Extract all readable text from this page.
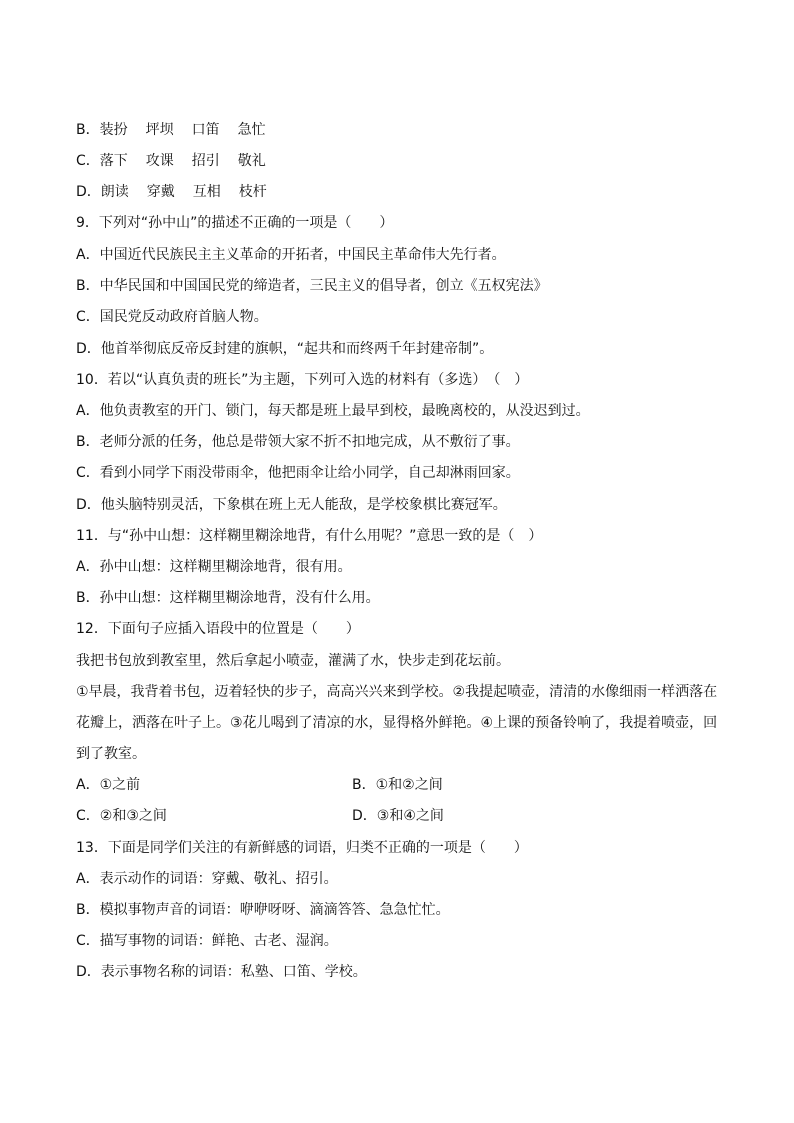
B．装扮 坪坝 口笛 急忙
C．落下 攻课 招引 敬礼
D．朗读 穿戴 互相 枝杆
9．下列对“孙中山”的描述不正确的一项是（　　）
A．中国近代民族民主主义革命的开拓者，中国民主革命伟大先行者。
B．中华民国和中国国民党的缔造者，三民主义的倡导者，创立《五权宪法》
C．国民党反动政府首脑人物。
D．他首举彻底反帝反封建的旗帜，“起共和而终两千年封建帝制”。
10．若以“认真负责的班长”为主题，下列可入选的材料有（多选）　（　）
A．他负责教室的开门、锁门，每天都是班上最早到校，最晚离校的，从没迟到过。
B．老师分派的任务，他总是带领大家不折不扣地完成，从不敷衍了事。
C．看到小同学下雨没带雨伞，他把雨伞让给小同学，自己却淋雨回家。
D．他头脑特别灵活，下象棋在班上无人能敌，是学校象棋比赛冠军。
11．与“孙中山想：这样糊里糊涂地背，有什么用呢？”意思一致的是（　）
A．孙中山想：这样糊里糊涂地背，很有用。
B．孙中山想：这样糊里糊涂地背，没有什么用。
12．下面句子应插入语段中的位置是（　　）
我把书包放到教室里，然后拿起小喷壶，灌满了水，快步走到花坛前。
①早晨，我背着书包，迈着轻快的步子，高高兴兴来到学校。②我提起喷壶，清清的水像细雨一样洒落在
花瓣上，洒落在叶子上。③花儿喝到了清凉的水，显得格外鲜艳。④上课的预备铃响了，我提着喷壶，回
到了教室。
A．①之前	B．①和②之间
C．②和③之间	D．③和④之间
13．下面是同学们关注的有新鲜感的词语，归类不正确的一项是（　　）
A．表示动作的词语：穿戴、敬礼、招引。
B．模拟事物声音的词语：咿咿呀呀、滴滴答答、急急忙忙。
C．描写事物的词语：鲜艳、古老、湿润。
D．表示事物名称的词语：私塾、口笛、学校。
